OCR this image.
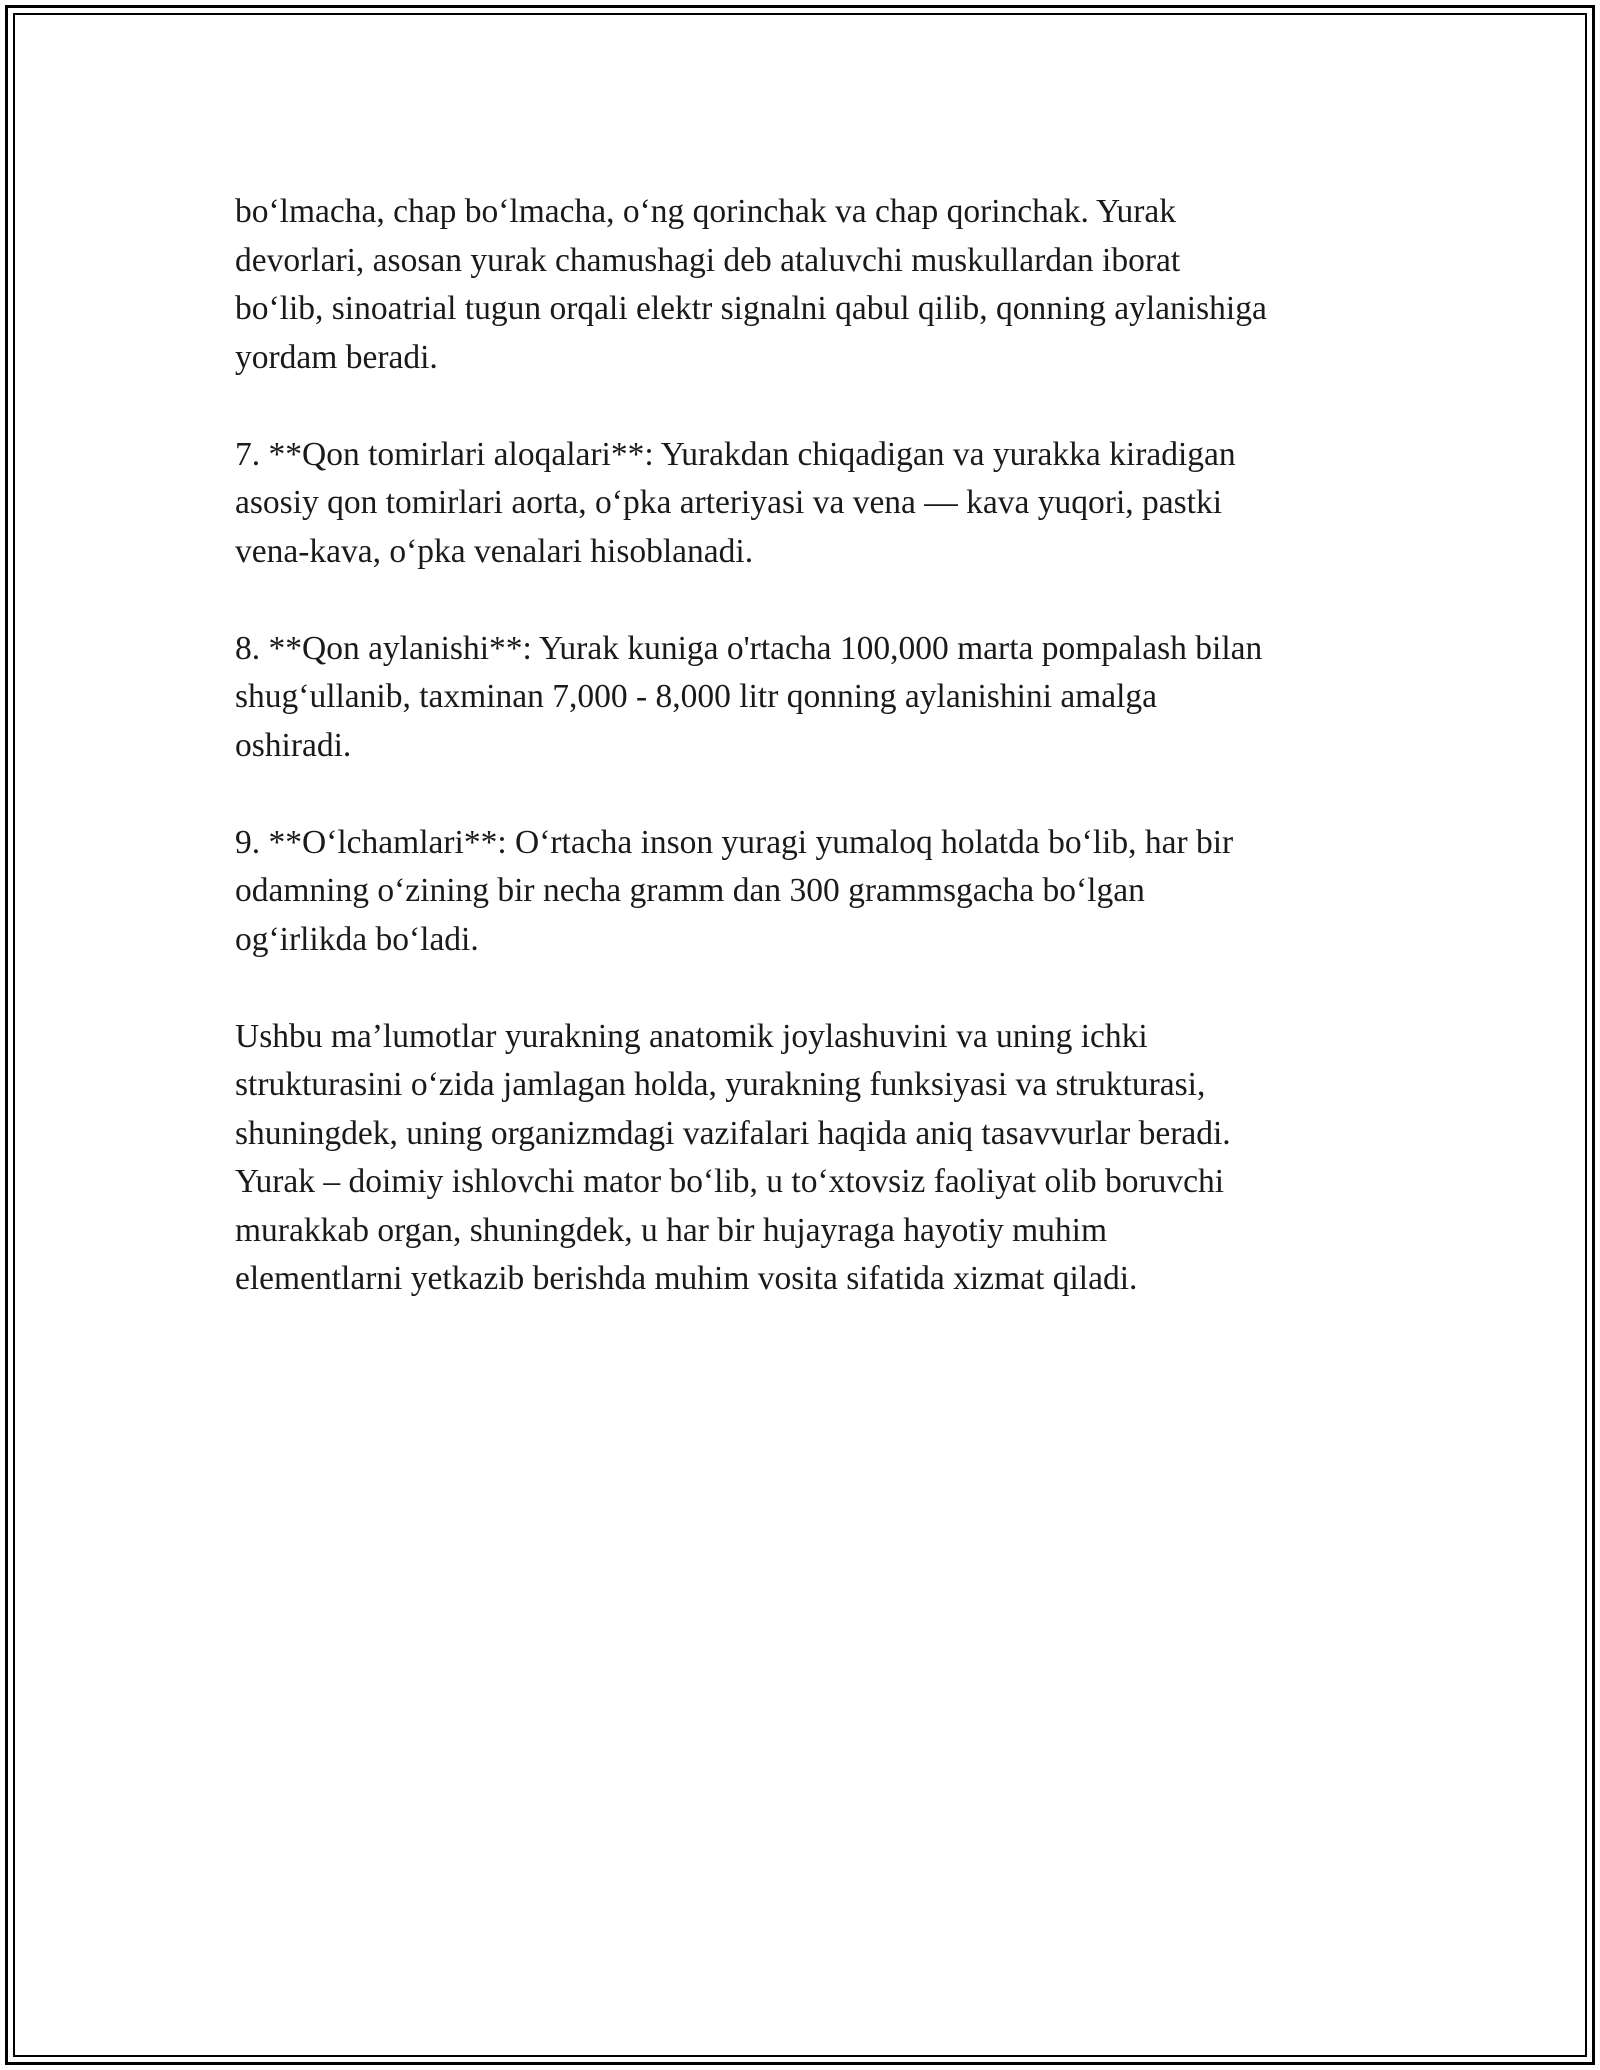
bo‘lmacha, chap bo‘lmacha, o‘ng qorinchak va chap qorinchak. Yurak
devorlari, asosan yurak chamushagi deb ataluvchi muskullardan iborat
bo‘lib, sinoatrial tugun orqali elektr signalni qabul qilib, qonning aylanishiga
yordam beradi.

7. **Qon tomirlari aloqalari**: Yurakdan chiqadigan va yurakka kiradigan
asosiy qon tomirlari aorta, o‘pka arteriyasi va vena — kava yuqori, pastki
vena-kava, o‘pka venalari hisoblanadi.

8. **Qon aylanishi**: Yurak kuniga o'rtacha 100,000 marta pompalash bilan
shug‘ullanib, taxminan 7,000 - 8,000 litr qonning aylanishini amalga
oshiradi.

9. **O‘lchamlari**: O‘rtacha inson yuragi yumaloq holatda bo‘lib, har bir
odamning o‘zining bir necha gramm dan 300 grammsgacha bo‘lgan
og‘irlikda bo‘ladi.

Ushbu ma’lumotlar yurakning anatomik joylashuvini va uning ichki
strukturasini o‘zida jamlagan holda, yurakning funksiyasi va strukturasi,
shuningdek, uning organizmdagi vazifalari haqida aniq tasavvurlar beradi.
Yurak – doimiy ishlovchi mator bo‘lib, u to‘xtovsiz faoliyat olib boruvchi
murakkab organ, shuningdek, u har bir hujayraga hayotiy muhim
elementlarni yetkazib berishda muhim vosita sifatida xizmat qiladi.
